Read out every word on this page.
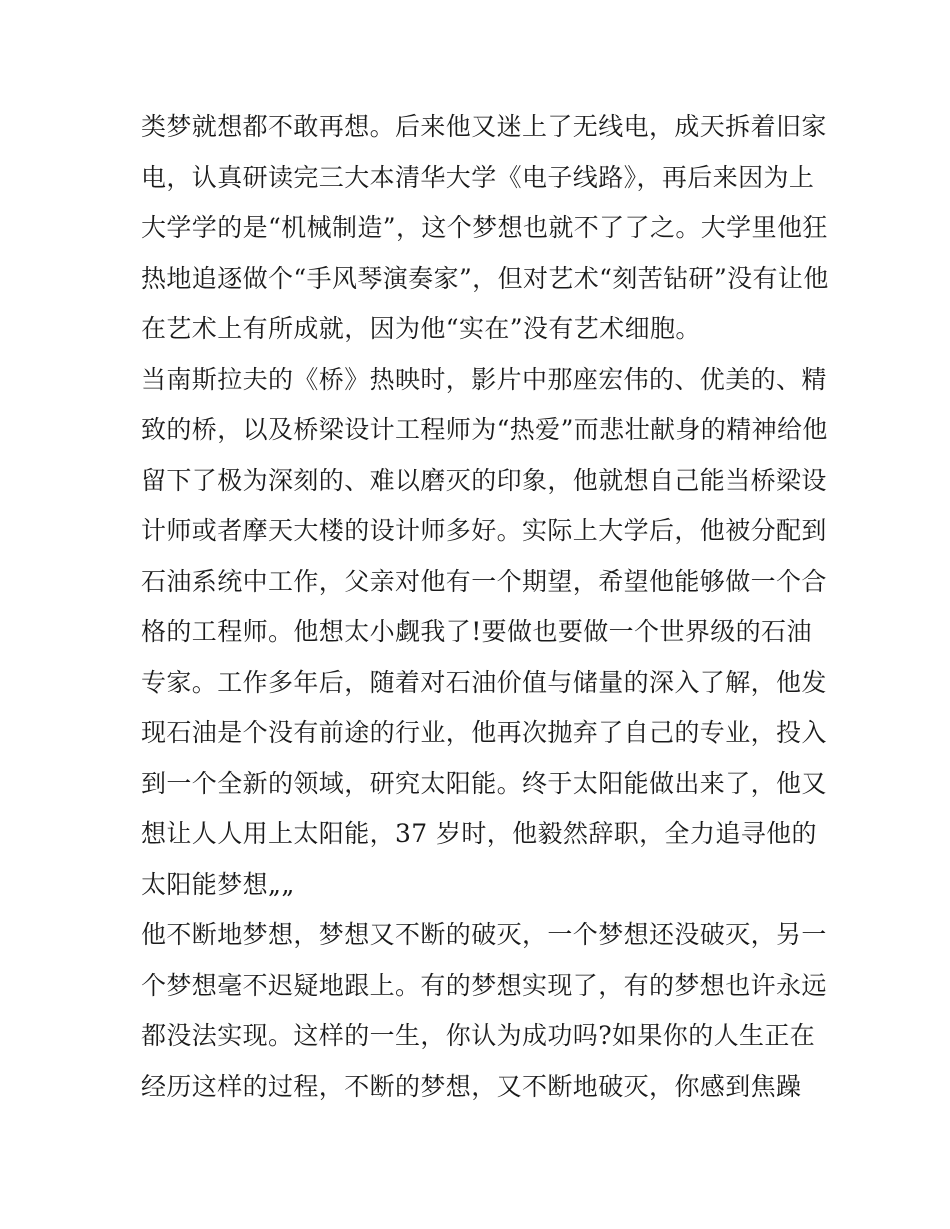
类梦就想都不敢再想。后来他又迷上了无线电，成天拆着旧家
电，认真研读完三大本清华大学《电子线路》，再后来因为上
大学学的是“机械制造”，这个梦想也就不了了之。大学里他狂
热地追逐做个“手风琴演奏家”，但对艺术“刻苦钻研”没有让他
在艺术上有所成就，因为他“实在”没有艺术细胞。
当南斯拉夫的《桥》热映时，影片中那座宏伟的、优美的、精
致的桥，以及桥梁设计工程师为“热爱”而悲壮献身的精神给他
留下了极为深刻的、难以磨灭的印象，他就想自己能当桥梁设
计师或者摩天大楼的设计师多好。实际上大学后，他被分配到
石油系统中工作，父亲对他有一个期望，希望他能够做一个合
格的工程师。他想太小觑我了!要做也要做一个世界级的石油
专家。工作多年后，随着对石油价值与储量的深入了解，他发
现石油是个没有前途的行业，他再次抛弃了自己的专业，投入
到一个全新的领域，研究太阳能。终于太阳能做出来了，他又
想让人人用上太阳能，37 岁时，他毅然辞职，全力追寻他的
太阳能梦想„„
他不断地梦想，梦想又不断的破灭，一个梦想还没破灭，另一
个梦想毫不迟疑地跟上。有的梦想实现了，有的梦想也许永远
都没法实现。这样的一生，你认为成功吗?如果你的人生正在
经历这样的过程，不断的梦想，又不断地破灭，你感到焦躁
